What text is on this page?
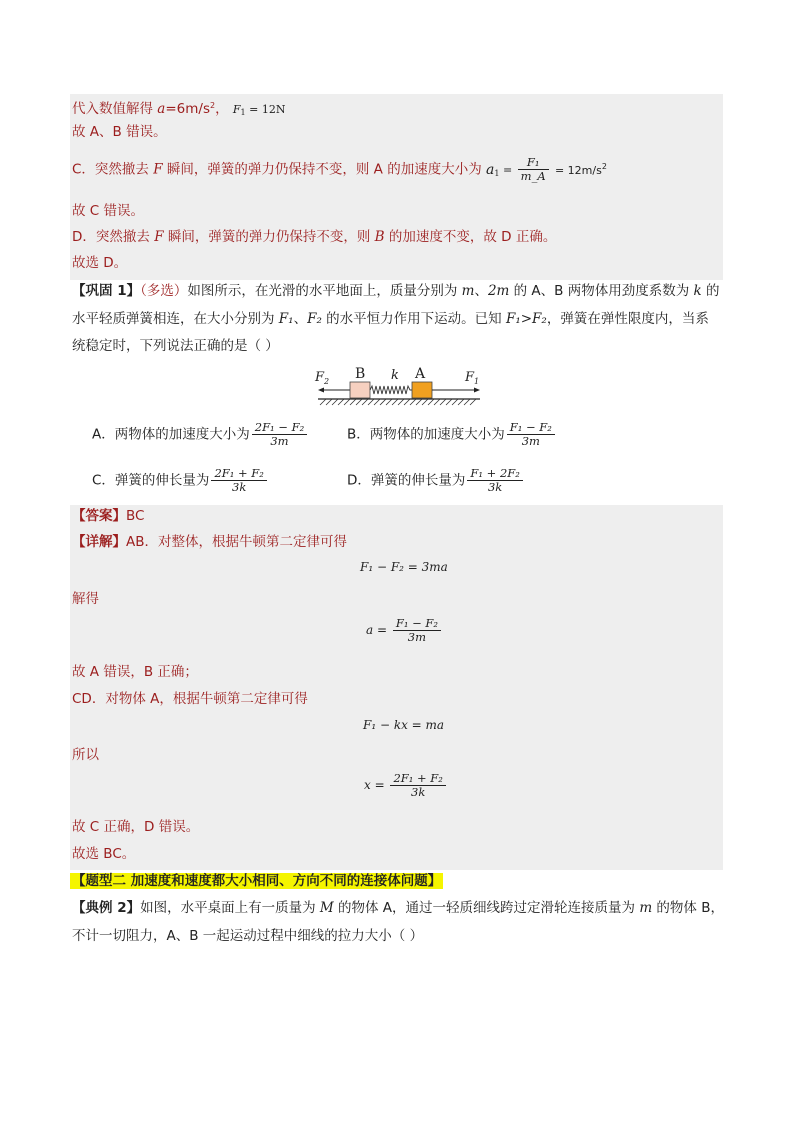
代入数值解得 $a=6m/s^2$， $F_1 = 12N$
故 A、B 错误。
C．突然撤去 F 瞬间，弹簧的弹力仍保持不变，则 A 的加速度大小为 $a_1 = \frac{\text{F₁}}{m\_A} = 12m/s^2$
故 C 错误。
D．突然撤去 F 瞬间，弹簧的弹力仍保持不变，则 B 的加速度不变，故 D 正确。
故选 D。
【巩固 1】（多选）如图所示，在光滑的水平地面上，质量分别为 m、2m 的 A、B 两物体用劲度系数为 k 的
水平轻质弹簧相连，在大小分别为 F₁、F₂ 的水平恒力作用下运动。已知 F₁>F₂，弹簧在弹性限度内，当系
统稳定时，下列说法正确的是（ ）
$F_2$ B k A	$F_1$
A．两物体的加速度大小为 $\frac{\text{2F₁ − F₂}}{3m}$	B．两物体的加速度大小为 $\frac{\text{F₁ − F₂}}{3m}$
C．弹簧的伸长量为 $\frac{\text{2F₁ + F₂}}{3k}$	D．弹簧的伸长量为 $\frac{\text{F₁ + 2F₂}}{3k}$
【答案】BC
【详解】AB．对整体，根据牛顿第二定律可得
F₁ − F₂ = 3ma
解得
$a = \frac{\text{F₁ − F₂}}{3m}$
故 A 错误，B 正确；
CD．对物体 A，根据牛顿第二定律可得
F₁ − kx = ma
所以
$x = \frac{\text{2F₁ + F₂}}{3k}$
故 C 正确，D 错误。
故选 BC。
【题型二 加速度和速度都大小相同、方向不同的连接体问题】
【典例 2】如图，水平桌面上有一质量为 M 的物体 A，通过一轻质细线跨过定滑轮连接质量为 m 的物体 B，
不计一切阻力，A、B 一起运动过程中细线的拉力大小（ ）
